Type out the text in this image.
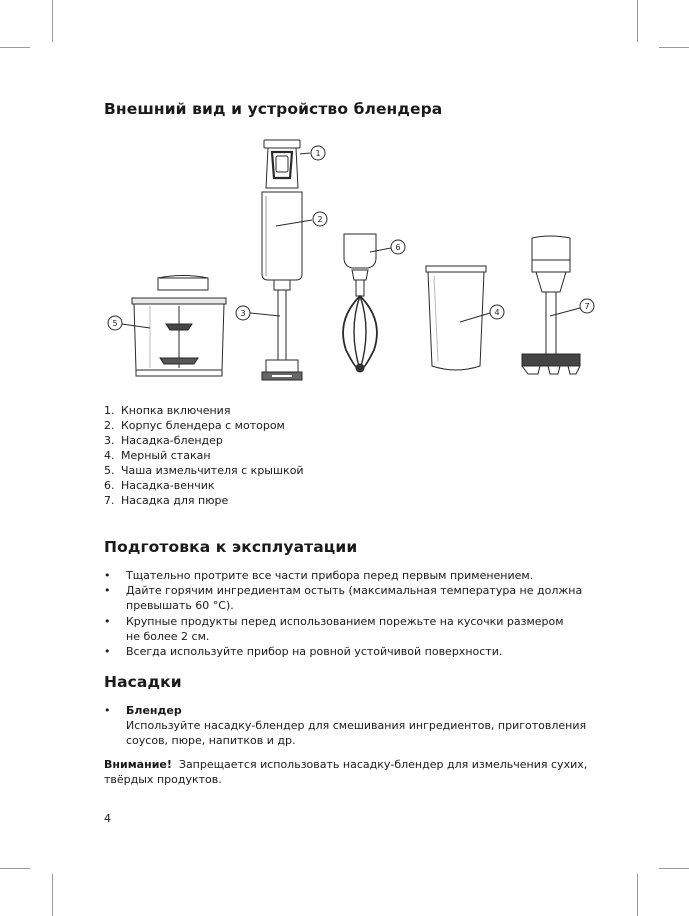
Внешний вид и устройство блендера
1
2
3	4
5
6
7
1. Кнопка включения
2. Корпус блендера с мотором
3. Насадка-блендер
4. Мерный стакан
5. Чаша измельчителя с крышкой
6. Насадка-венчик
7. Насадка для пюре
Подготовка к эксплуатации
• Тщательно протрите все части прибора перед первым применением.
• Дайте горячим ингредиентам остыть (максимальная температура не должна
превышать 60 °C).
• Крупные продукты перед использованием порежьте на кусочки размером
не более 2 см.
• Всегда используйте прибор на ровной устойчивой поверхности.
Насадки
• Блендер
Используйте насадку-блендер для смешивания ингредиентов, приготовления
соусов, пюре, напитков и др.

Внимание! Запрещается использовать насадку-блендер для измельчения сухих,
твёрдых продуктов.

4
